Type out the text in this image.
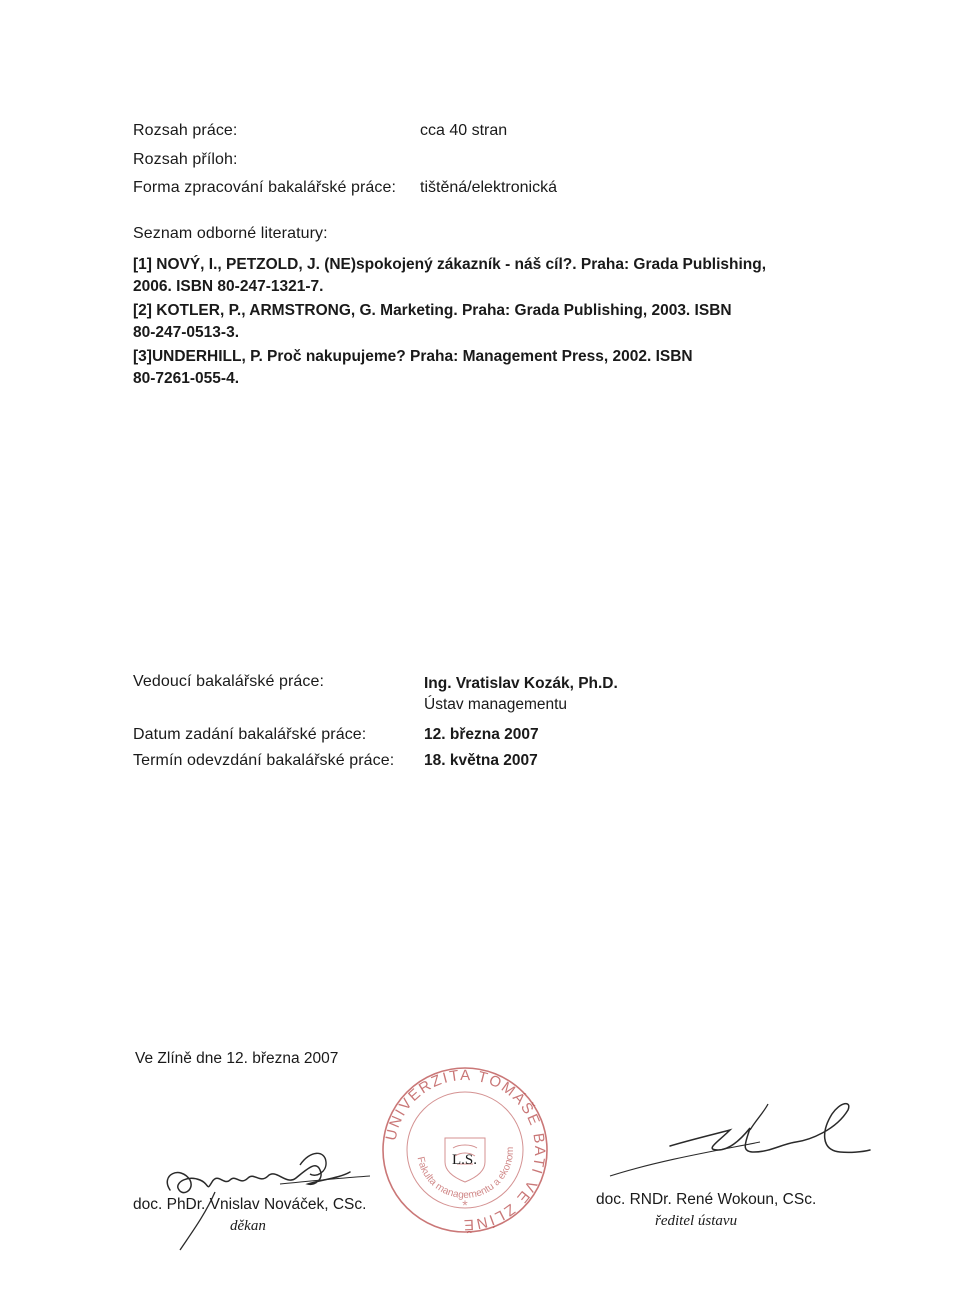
Rozsah práce:	cca 40 stran
Rozsah příloh:
Forma zpracování bakalářské práce: tištěná/elektronická
Seznam odborné literatury:
[1] NOVÝ, I., PETZOLD, J. (NE)spokojený zákazník - náš cíl?. Praha: Grada Publishing,
2006. ISBN 80-247-1321-7.
[2] KOTLER, P., ARMSTRONG, G. Marketing. Praha: Grada Publishing, 2003. ISBN
80-247-0513-3.
[3]UNDERHILL, P. Proč nakupujeme? Praha: Management Press, 2002. ISBN
80-7261-055-4.
Vedoucí bakalářské práce:	Ing. Vratislav Kozák, Ph.D.
Ústav managementu
Datum zadání bakalářské práce:	12. března 2007
Termín odevzdání bakalářské práce: 18. května 2007
Ve Zlíně dne 12. března 2007
doc. PhDr. Vnislav Nováček, CSc.
děkan
UNIVERZITA TOMÁŠE BATI VE ZLÍNĚ
Fakulta managementu a ekonomiky
*
L.S.
doc. RNDr. René Wokoun, CSc.
ředitel ústavu
